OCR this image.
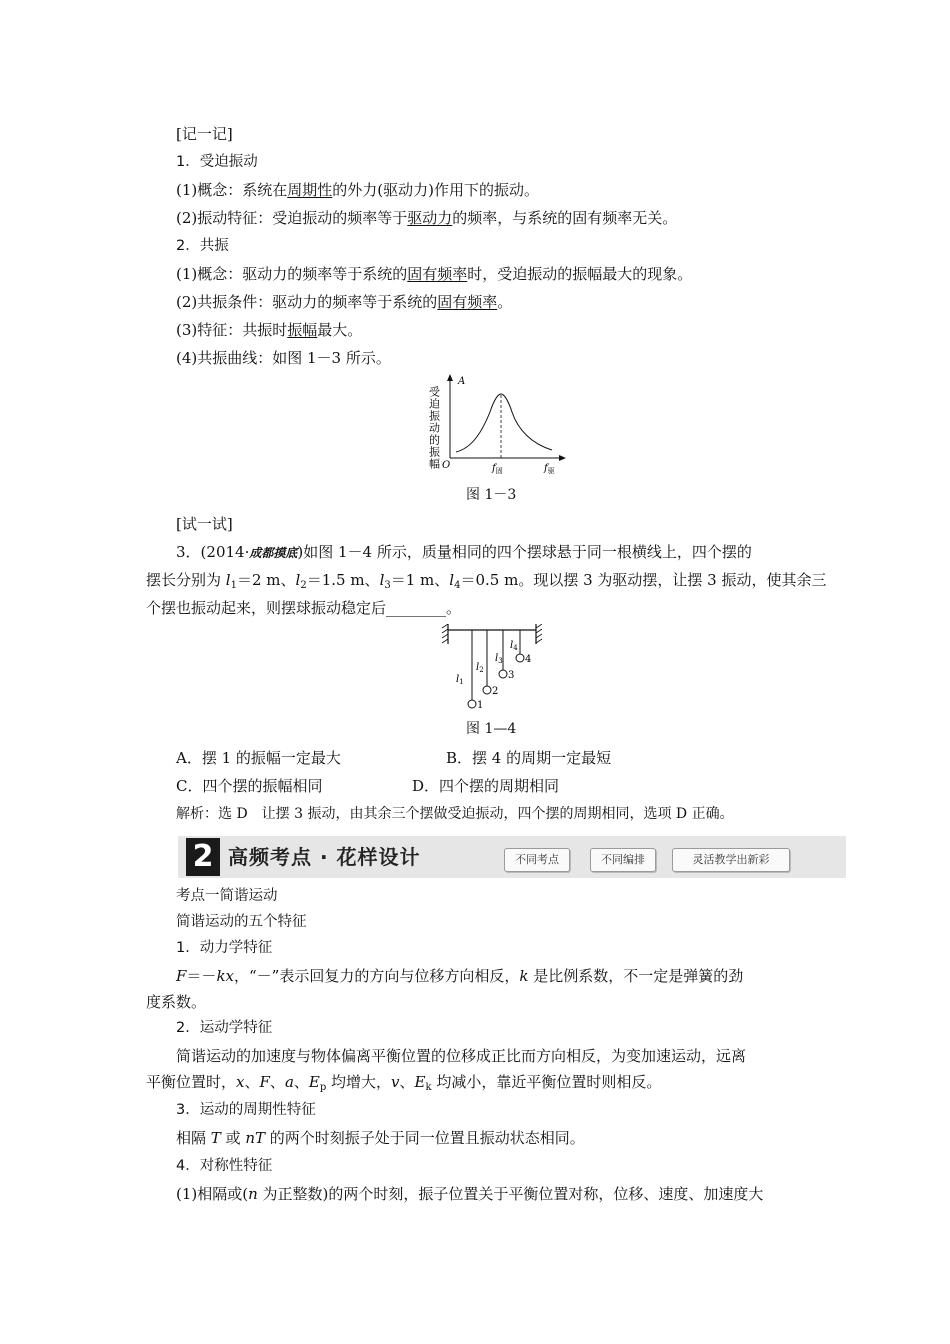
[记一记]
1．受迫振动
(1)概念：系统在周期性的外力(驱动力)作用下的振动。
(2)振动特征：受迫振动的频率等于驱动力的频率，与系统的固有频率无关。
2．共振
(1)概念：驱动力的频率等于系统的固有频率时，受迫振动的振幅最大的现象。
(2)共振条件：驱动力的频率等于系统的固有频率。
(3)特征：共振时振幅最大。
(4)共振曲线：如图 1－3 所示。
受迫振动的振幅
A
O	$f_固$	$f_驱$
图 1－3
[试一试]
3．(2014·成都摸底)如图 1－4 所示，质量相同的四个摆球悬于同一根横线上，四个摆的
摆长分别为 $l_1=2$ m、$l_2=1.5$ m、$l_3=1$ m、$l_4=0.5$ m。现以摆 3 为驱动摆，让摆 3 振动，使其余三
个摆也振动起来，则摆球振动稳定后________。
$l_1$
$l_2$
$l_3$
$l_4$
1
2
3
4
图 1—4
A．摆 1 的振幅一定最大	B．摆 4 的周期一定最短
C．四个摆的振幅相同	D．四个摆的周期相同
解析：选 D　让摆 3 振动，由其余三个摆做受迫振动，四个摆的周期相同，选项 D 正确。
2 高频考点 · 花样设计	不同考点	不同编排	灵活教学出新彩
考点一简谐运动
简谐运动的五个特征
1．动力学特征
F＝－kx，“－”表示回复力的方向与位移方向相反，k 是比例系数，不一定是弹簧的劲
度系数。
2．运动学特征
简谐运动的加速度与物体偏离平衡位置的位移成正比而方向相反，为变加速运动，远离
平衡位置时，x、F、a、$E_p$ 均增大，v、$E_k$ 均减小，靠近平衡位置时则相反。
3．运动的周期性特征
相隔 T 或 nT 的两个时刻振子处于同一位置且振动状态相同。
4．对称性特征
(1)相隔或(n 为正整数)的两个时刻，振子位置关于平衡位置对称，位移、速度、加速度大
